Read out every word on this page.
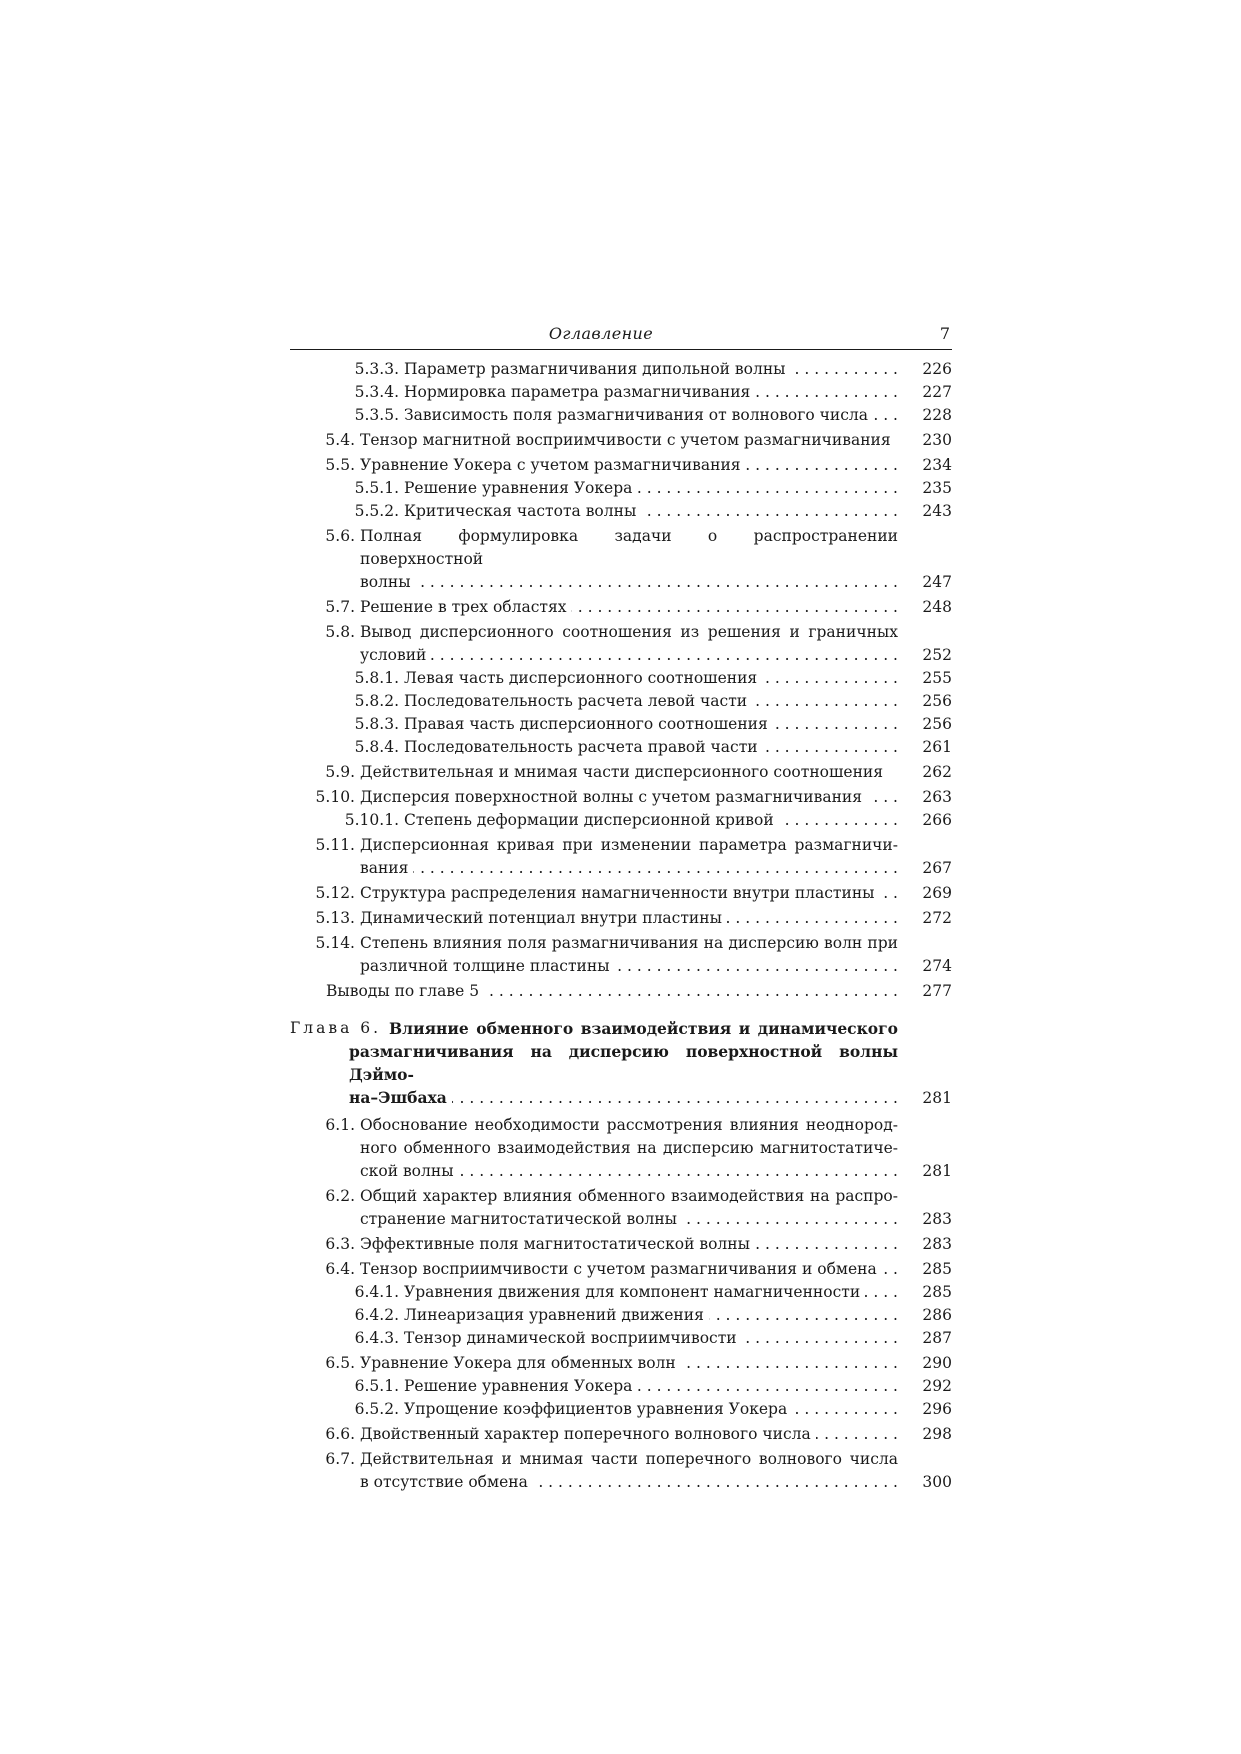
Оглавление	7
5.3.3. Параметр размагничивания дипольной волны . . .	226
5.3.4. Нормировка параметра размагничивания . . .	227
5.3.5. Зависимость поля размагничивания от волнового числа . . .	228
5.4. Тензор магнитной восприимчивости с учетом размагничивания	230
5.5. Уравнение Уокера с учетом размагничивания . . .	234
5.5.1. Решение уравнения Уокера . . .	235
5.5.2. Критическая частота волны . . .	243
5.6. Полная формулировка задачи о распространении поверхностной
волны . . .	247
5.7. Решение в трех областях . . .	248
5.8. Вывод дисперсионного соотношения из решения и граничных
условий . . .	252
5.8.1. Левая часть дисперсионного соотношения . . .	255
5.8.2. Последовательность расчета левой части . . .	256
5.8.3. Правая часть дисперсионного соотношения . . .	256
5.8.4. Последовательность расчета правой части . . .	261
5.9. Действительная и мнимая части дисперсионного соотношения	262
5.10. Дисперсия поверхностной волны с учетом размагничивания . . .	263
5.10.1. Степень деформации дисперсионной кривой . . .	266
5.11. Дисперсионная кривая при изменении параметра размагничи-
вания . . .	267
5.12. Структура распределения намагниченности внутри пластины . . .	269
5.13. Динамический потенциал внутри пластины . . .	272
5.14. Степень влияния поля размагничивания на дисперсию волн при
различной толщине пластины . . .	274
Выводы по главе 5 . . .	277
Глава 6. Влияние обменного взаимодействия и динамического
размагничивания на дисперсию поверхностной волны Дэймо-
на–Эшбаха . . .	281
6.1. Обоснование необходимости рассмотрения влияния неоднород-
ного обменного взаимодействия на дисперсию магнитостатиче-
ской волны . . .	281
6.2. Общий характер влияния обменного взаимодействия на распро-
странение магнитостатической волны . . .	283
6.3. Эффективные поля магнитостатической волны . . .	283
6.4. Тензор восприимчивости с учетом размагничивания и обмена . . .	285
6.4.1. Уравнения движения для компонент намагниченности . . .	285
6.4.2. Линеаризация уравнений движения . . .	286
6.4.3. Тензор динамической восприимчивости . . .	287
6.5. Уравнение Уокера для обменных волн . . .	290
6.5.1. Решение уравнения Уокера . . .	292
6.5.2. Упрощение коэффициентов уравнения Уокера . . .	296
6.6. Двойственный характер поперечного волнового числа . . .	298
6.7. Действительная и мнимая части поперечного волнового числа
в отсутствие обмена . . .	300
